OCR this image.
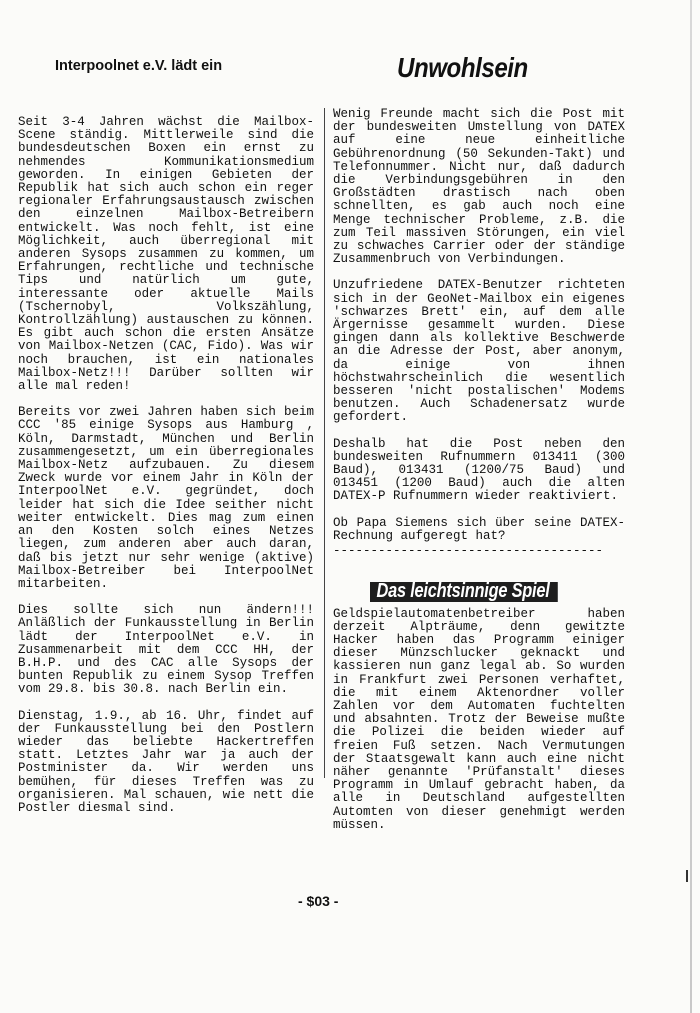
Interpoolnet e.V. lädt ein	Unwohlsein

Seit 3-4 Jahren wächst die Mailbox-Scene ständig. Mittlerweile sind die bundesdeutschen Boxen ein ernst zu nehmendes Kommunikationsmedium geworden. In einigen Gebieten der Republik hat sich auch schon ein reger regionaler Erfahrungsaustausch zwischen den einzelnen Mailbox-Betreibern entwickelt. Was noch fehlt, ist eine Möglichkeit, auch überregional mit anderen Sysops zusammen zu kommen, um Erfahrungen, rechtliche und technische Tips und natürlich um gute, interessante oder aktuelle Mails (Tschernobyl, Volkszählung, Kontrollzählung) austauschen zu können. Es gibt auch schon die ersten Ansätze von Mailbox-Netzen (CAC, Fido). Was wir noch brauchen, ist ein nationales Mailbox-Netz!!! Darüber sollten wir alle mal reden!

Bereits vor zwei Jahren haben sich beim CCC '85 einige Sysops aus Hamburg , Köln, Darmstadt, München und Berlin zusammengesetzt, um ein überregionales Mailbox-Netz aufzubauen. Zu diesem Zweck wurde vor einem Jahr in Köln der InterpoolNet e.V. gegründet, doch leider hat sich die Idee seither nicht weiter entwickelt. Dies mag zum einen an den Kosten solch eines Netzes liegen, zum anderen aber auch daran, daß bis jetzt nur sehr wenige (aktive) Mailbox-Betreiber bei InterpoolNet mitarbeiten.

Dies sollte sich nun ändern!!! Anläßlich der Funkausstellung in Berlin lädt der InterpoolNet e.V. in Zusammenarbeit mit dem CCC HH, der B.H.P. und des CAC alle Sysops der bunten Republik zu einem Sysop Treffen vom 29.8. bis 30.8. nach Berlin ein.

Dienstag, 1.9., ab 16. Uhr, findet auf der Funkausstellung bei den Postlern wieder das beliebte Hackertreffen statt. Letztes Jahr war ja auch der Postminister da. Wir werden uns bemühen, für dieses Treffen was zu organisieren. Mal schauen, wie nett die Postler diesmal sind.

Wenig Freunde macht sich die Post mit der bundesweiten Umstellung von DATEX auf eine neue einheitliche Gebührenordnung (50 Sekunden-Takt) und Telefonnummer. Nicht nur, daß dadurch die Verbindungsgebühren in den Großstädten drastisch nach oben schnellten, es gab auch noch eine Menge technischer Probleme, z.B. die zum Teil massiven Störungen, ein viel zu schwaches Carrier oder der ständige Zusammenbruch von Verbindungen.

Unzufriedene DATEX-Benutzer richteten sich in der GeoNet-Mailbox ein eigenes 'schwarzes Brett' ein, auf dem alle Ärgernisse gesammelt wurden. Diese gingen dann als kollektive Beschwerde an die Adresse der Post, aber anonym, da einige von ihnen höchstwahrscheinlich die wesentlich besseren 'nicht postalischen' Modems benutzen. Auch Schadenersatz wurde gefordert.

Deshalb hat die Post neben den bundesweiten Rufnummern 013411 (300 Baud), 013431 (1200/75 Baud) und 013451 (1200 Baud) auch die alten DATEX-P Rufnummern wieder reaktiviert.

Ob Papa Siemens sich über seine DATEX-Rechnung aufgeregt hat?

------------------------------------
Das leichtsinnige Spiel

Geldspielautomatenbetreiber haben derzeit Alpträume, denn gewitzte Hacker haben das Programm einiger dieser Münzschlucker geknackt und kassieren nun ganz legal ab. So wurden in Frankfurt zwei Personen verhaftet, die mit einem Aktenordner voller Zahlen vor dem Automaten fuchtelten und absahnten. Trotz der Beweise mußte die Polizei die beiden wieder auf freien Fuß setzen. Nach Vermutungen der Staatsgewalt kann auch eine nicht näher genannte 'Prüfanstalt' dieses Programm in Umlauf gebracht haben, da alle in Deutschland aufgestellten Automten von dieser genehmigt werden müssen.

- $03 -
